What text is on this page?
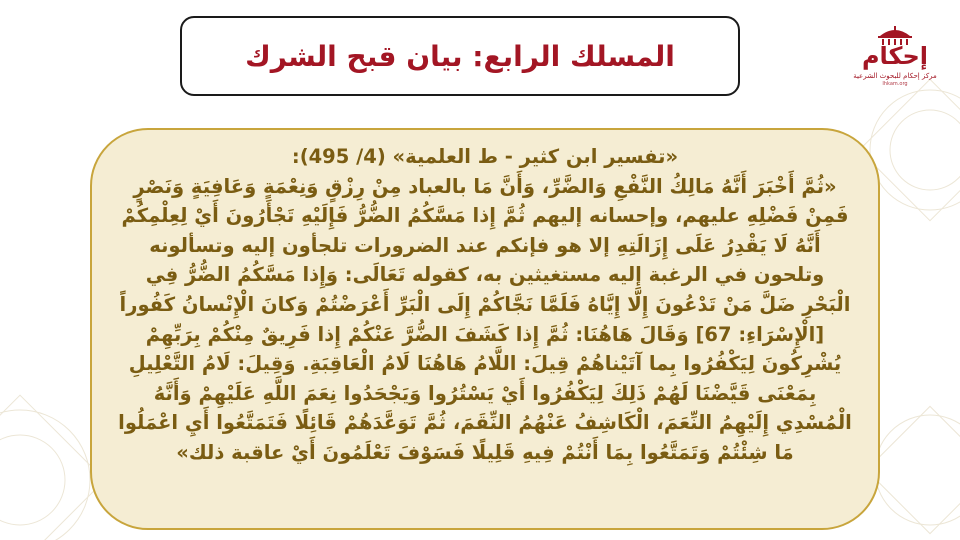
إحكام
مركز إحكام للبحوث الشرعية
Ihkam.org
المسلك الرابع: بيان قبح الشرك
«تفسير ابن كثير - ط العلمية» (4/ 495):
«ثُمَّ أَخْبَرَ أَنَّهُ مَالِكُ النَّفْعِ وَالضَّرِّ، وَأَنَّ مَا بالعباد مِنْ رِزْقٍ وَنِعْمَةٍ وَعَافِيَةٍ وَنَصْرٍ
فَمِنْ فَضْلِهِ عليهم، وإحسانه إليهم ثُمَّ إِذا مَسَّكُمُ الضُّرُّ فَإِلَيْهِ تَجْأَرُونَ أَيْ لِعِلْمِكُمْ
أَنَّهُ لَا يَقْدِرُ عَلَى إِزَالَتِهِ إلا هو فإنكم عند الضرورات تلجأون إليه وتسألونه
وتلحون في الرغبة إليه مستغيثين به، كقوله تَعَالَى: وَإِذا مَسَّكُمُ الضُّرُّ فِي
الْبَحْرِ ضَلَّ مَنْ تَدْعُونَ إِلَّا إِيَّاهُ فَلَمَّا نَجَّاكُمْ إِلَى الْبَرِّ أَعْرَضْتُمْ وَكانَ الْإِنْسانُ كَفُوراً
[الْإِسْرَاءِ: 67] وَقَالَ هَاهُنَا: ثُمَّ إِذا كَشَفَ الضُّرَّ عَنْكُمْ إِذا فَرِيقٌ مِنْكُمْ بِرَبِّهِمْ
يُشْرِكُونَ لِيَكْفُرُوا بِما آتَيْناهُمْ قِيلَ: اللَّامُ هَاهُنَا لَامُ الْعَاقِبَةِ. وَقِيلَ: لَامُ التَّعْلِيلِ
بِمَعْنَى قَيَّضْنَا لَهُمْ ذَلِكَ لِيَكْفُرُوا أَيْ يَسْتُرُوا وَيَجْحَدُوا نِعَمَ اللَّهِ عَلَيْهِمْ وَأَنَّهُ
الْمُسْدِي إِلَيْهِمُ النِّعَمَ، الْكَاشِفُ عَنْهُمُ النِّقَمَ، ثُمَّ تَوَعَّدَهُمْ قَائِلًا فَتَمَتَّعُوا أَيِ اعْمَلُوا
مَا شِئْتُمْ وَتَمَتَّعُوا بِمَا أَنْتُمْ فِيهِ قَلِيلًا فَسَوْفَ تَعْلَمُونَ أَيْ عاقبة ذلك»
